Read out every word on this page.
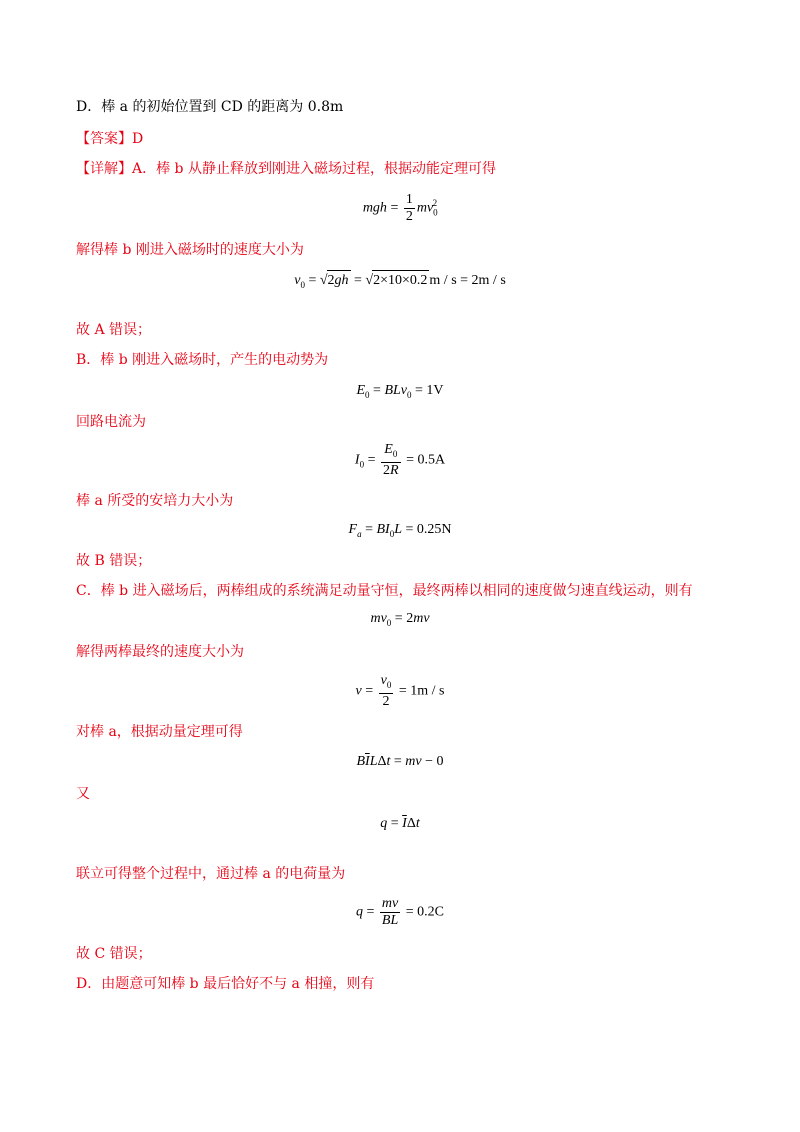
D．棒 a 的初始位置到 CD 的距离为 0.8m
【答案】D
【详解】A．棒 b 从静止释放到刚进入磁场过程，根据动能定理可得
mgh = $\frac{1}{2} mv_0^2$
解得棒 b 刚进入磁场时的速度大小为
$v_0 = √2gh = √2\times 10\times 0.2$ m / s = 2m / s
故 A 错误；
B．棒 b 刚进入磁场时，产生的电动势为
$E_0 = BLv_0 = 1V$
回路电流为
$I_0 = \frac{E_0}{2R} = 0.5A$
棒 a 所受的安培力大小为
$F_a = BI_0L = 0.25N$
故 B 错误；
C．棒 b 进入磁场后，两棒组成的系统满足动量守恒，最终两棒以相同的速度做匀速直线运动，则有
$mv_0 = 2mv$
解得两棒最终的速度大小为
$v = \frac{v_0}{2} = 1m / s$
对棒 a，根据动量定理可得
$B\overline{I}L\Delta t$ = mv − 0
又
$q = \overline{I}\Delta t$
联立可得整个过程中，通过棒 a 的电荷量为
$q = \frac{mv}{BL} = 0.2C$
故 C 错误；
D．由题意可知棒 b 最后恰好不与 a 相撞，则有
